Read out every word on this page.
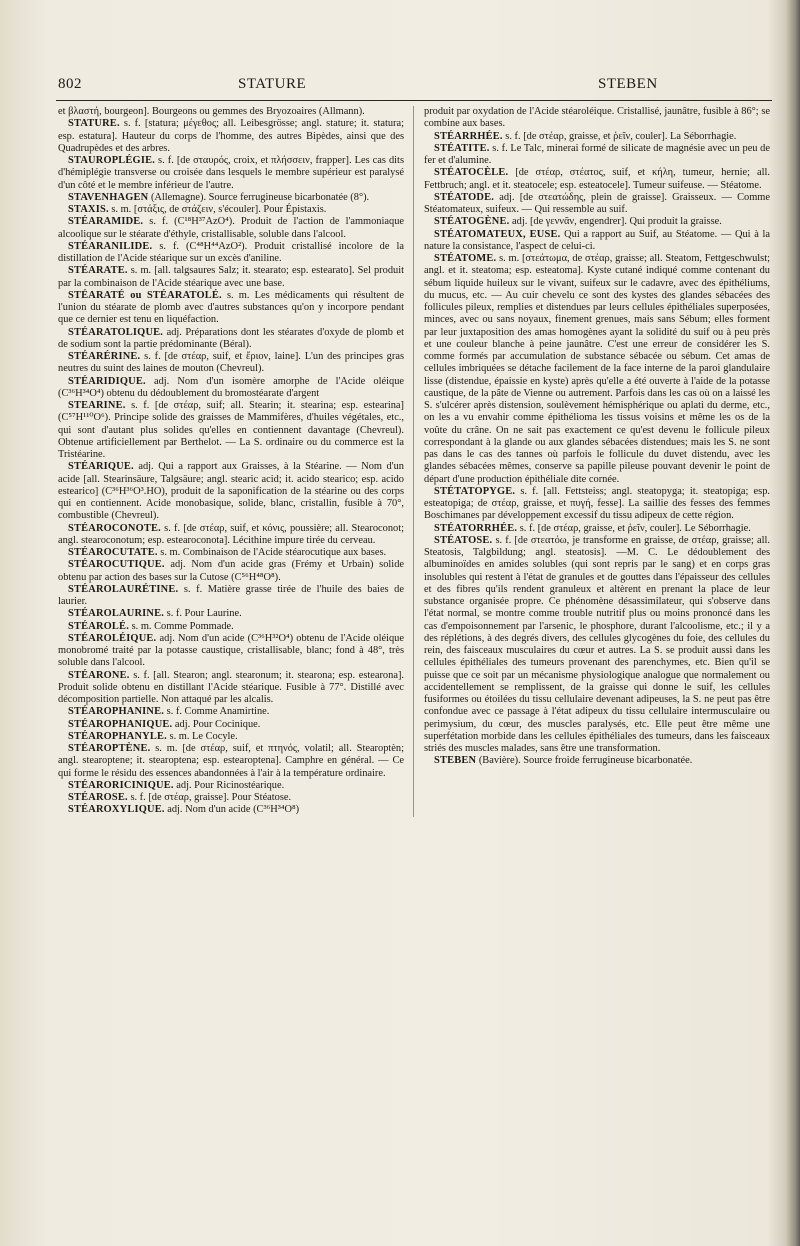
802	STATURE	STEBEN

et βλαστή, bourgeon]. Bourgeons ou gemmes des Bryozoaires (Allmann).

STATURE. s. f. [statura; μέγεθος; all. Leibesgrösse; angl. stature; it. statura; esp. estatura]. Hauteur du corps de l'homme, des autres Bipèdes, ainsi que des Quadrupèdes et des arbres.

STAUROPLÉGIE. s. f. [de σταυρός, croix, et πλήσσειν, frapper]. Les cas dits d'hémiplégie transverse ou croisée dans lesquels le membre supérieur est paralysé d'un côté et le membre inférieur de l'autre.

STAVENHAGEN (Allemagne). Source ferrugineuse bicarbonatée (8°).

STAXIS. s. m. [στάξις, de στάζειν, s'écouler]. Pour Épistaxis.

STÉARAMIDE. s. f. (C¹⁸H³⁷AzO⁴). Produit de l'action de l'ammoniaque alcoolique sur le stéarate d'éthyle, cristallisable, soluble dans l'alcool.

STÉARANILIDE. s. f. (C⁴⁸H⁴⁴AzO²). Produit cristallisé incolore de la distillation de l'Acide stéarique sur un excès d'aniline.

STÉARATE. s. m. [all. talgsaures Salz; it. stearato; esp. estearato]. Sel produit par la combinaison de l'Acide stéarique avec une base.

STÉARATÉ ou STÉARATOLÉ. s. m. Les médicaments qui résultent de l'union du stéarate de plomb avec d'autres substances qu'on y incorpore pendant que ce dernier est tenu en liquéfaction.

STÉARATOLIQUE. adj. Préparations dont les stéarates d'oxyde de plomb et de sodium sont la partie prédominante (Béral).

STÉARÉRINE. s. f. [de στέαρ, suif, et ἔριον, laine]. L'un des principes gras neutres du suint des laines de mouton (Chevreul).

STÉARIDIQUE. adj. Nom d'un isomère amorphe de l'Acide oléique (C³⁶H³⁴O⁴) obtenu du dédoublement du bromostéarate d'argent

STEARINE. s. f. [de στέαρ, suif; all. Stearin; it. stearina; esp. estearina] (C⁵⁷H¹¹⁰O⁶). Principe solide des graisses de Mammifères, d'huiles végétales, etc., qui sont d'autant plus solides qu'elles en contiennent davantage (Chevreul). Obtenue artificiellement par Berthelot. — La S. ordinaire ou du commerce est la Tristéarine.

STÉARIQUE. adj. Qui a rapport aux Graisses, à la Stéarine. — Nom d'un acide [all. Stearinsäure, Talgsäure; angl. stearic acid; it. acido stearico; esp. acido estearico] (C³⁶H³⁶O³.HO), produit de la saponification de la stéarine ou des corps qui en contiennent. Acide monobasique, solide, blanc, cristallin, fusible à 70°, combustible (Chevreul).

STÉAROCONOTE. s. f. [de στέαρ, suif, et κόνις, poussière; all. Stearoconot; angl. stearoconotum; esp. estearoconota]. Lécithine impure tirée du cerveau.

STÉAROCUTATE. s. m. Combinaison de l'Acide stéarocutique aux bases.

STÉAROCUTIQUE. adj. Nom d'un acide gras (Frémy et Urbain) solide obtenu par action des bases sur la Cutose (C⁵⁶H⁴⁸O⁸).

STÉAROLAURÉTINE. s. f. Matière grasse tirée de l'huile des baies de laurier.

STÉAROLAURINE. s. f. Pour Laurine.

STÉAROLÉ. s. m. Comme Pommade.

STÉAROLÉIQUE. adj. Nom d'un acide (C³⁶H³²O⁴) obtenu de l'Acide oléique monobromé traité par la potasse caustique, cristallisable, blanc; fond à 48°, très soluble dans l'alcool.

STÉARONE. s. f. [all. Stearon; angl. stearonum; it. stearona; esp. estearona]. Produit solide obtenu en distillant l'Acide stéarique. Fusible à 77°. Distillé avec décomposition partielle. Non attaqué par les alcalis.

STÉAROPHANINE. s. f. Comme Anamirtine.

STÉAROPHANIQUE. adj. Pour Cocinique.

STÉAROPHANYLE. s. m. Le Cocyle.

STÉAROPTÈNE. s. m. [de στέαρ, suif, et πτηνός, volatil; all. Stearoptèn; angl. stearoptene; it. stearoptena; esp. estearoptena]. Camphre en général. — Ce qui forme le résidu des essences abandonnées à l'air à la température ordinaire.

STÉARORICINIQUE. adj. Pour Ricinostéarique.

STÉAROSE. s. f. [de στέαρ, graisse]. Pour Stéatose.

STÉAROXYLIQUE. adj. Nom d'un acide (C³⁶H³⁴O⁸)

produit par oxydation de l'Acide stéaroléique. Cristallisé, jaunâtre, fusible à 86°; se combine aux bases.

STÉARRHÉE. s. f. [de στέαρ, graisse, et ῥεῖν, couler]. La Séborrhagie.

STÉATITE. s. f. Le Talc, minerai formé de silicate de magnésie avec un peu de fer et d'alumine.

STÉATOCÈLE. [de στέαρ, στέατος, suif, et κήλη, tumeur, hernie; all. Fettbruch; angl. et it. steatocele; esp. esteatocele]. Tumeur suifeuse. — Stéatome.

STÉATODE. adj. [de στεατώδης, plein de graisse]. Graisseux. — Comme Stéatomateux, suifeux. — Qui ressemble au suif.

STÉATOGÈNE. adj. [de γεννᾶν, engendrer]. Qui produit la graisse.

STÉATOMATEUX, EUSE. Qui a rapport au Suif, au Stéatome. — Qui à la nature la consistance, l'aspect de celui-ci.

STÉATOME. s. m. [στεάτωμα, de στέαρ, graisse; all. Steatom, Fettgeschwulst; angl. et it. steatoma; esp. esteatoma]. Kyste cutané indiqué comme contenant du sébum liquide huileux sur le vivant, suifeux sur le cadavre, avec des épithéliums, du mucus, etc. — Au cuir chevelu ce sont des kystes des glandes sébacées des follicules pileux, remplies et distendues par leurs cellules épithéliales superposées, minces, avec ou sans noyaux, finement grenues, mais sans Sébum; elles forment par leur juxtaposition des amas homogènes ayant la solidité du suif ou à peu près et une couleur blanche à peine jaunâtre. C'est une erreur de considérer les S. comme formés par accumulation de substance sébacée ou sébum. Cet amas de cellules imbriquées se détache facilement de la face interne de la paroi glandulaire lisse (distendue, épaissie en kyste) après qu'elle a été ouverte à l'aide de la potasse caustique, de la pâte de Vienne ou autrement. Parfois dans les cas où on a laissé les S. s'ulcérer après distension, soulèvement hémisphérique ou aplati du derme, etc., on les a vu envahir comme épithélioma les tissus voisins et même les os de la voûte du crâne. On ne sait pas exactement ce qu'est devenu le follicule pileux correspondant à la glande ou aux glandes sébacées distendues; mais les S. ne sont pas dans le cas des tannes où parfois le follicule du duvet distendu, avec les glandes sébacées mêmes, conserve sa papille pileuse pouvant devenir le point de départ d'une production épithéliale dite cornée.

STÉTATOPYGE. s. f. [all. Fettsteiss; angl. steatopyga; it. steatopiga; esp. esteatopiga; de στέαρ, graisse, et πυγή, fesse]. La saillie des fesses des femmes Boschimanes par développement excessif du tissu adipeux de cette région.

STÉATORRHÉE. s. f. [de στέαρ, graisse, et ῥεῖν, couler]. Le Séborrhagie.

STÉATOSE. s. f. [de στεατόω, je transforme en graisse, de στέαρ, graisse; all. Steatosis, Talgbildung; angl. steatosis]. —M. C. Le dédoublement des albuminoïdes en amides solubles (qui sont repris par le sang) et en corps gras insolubles qui restent à l'état de granules et de gouttes dans l'épaisseur des cellules et des fibres qu'ils rendent granuleux et altèrent en prenant la place de leur substance organisée propre. Ce phénomène désassimilateur, qui s'observe dans l'état normal, se montre comme trouble nutritif plus ou moins prononcé dans les cas d'empoisonnement par l'arsenic, le phosphore, durant l'alcoolisme, etc.; il y a des réplétions, à des degrés divers, des cellules glycogènes du foie, des cellules du rein, des faisceaux musculaires du cœur et autres. La S. se produit aussi dans les cellules épithéliales des tumeurs provenant des parenchymes, etc. Bien qu'il se puisse que ce soit par un mécanisme physiologique analogue que normalement ou accidentellement se remplissent, de la graisse qui donne le suif, les cellules fusiformes ou étoilées du tissu cellulaire devenant adipeuses, la S. ne peut pas être confondue avec ce passage à l'état adipeux du tissu cellulaire intermusculaire ou perimysium, du cœur, des muscles paralysés, etc. Elle peut être même une superfétation morbide dans les cellules épithéliales des tumeurs, dans les faisceaux striés des muscles malades, sans être une transformation.

STEBEN (Bavière). Source froide ferrugineuse bicarbonatée.
